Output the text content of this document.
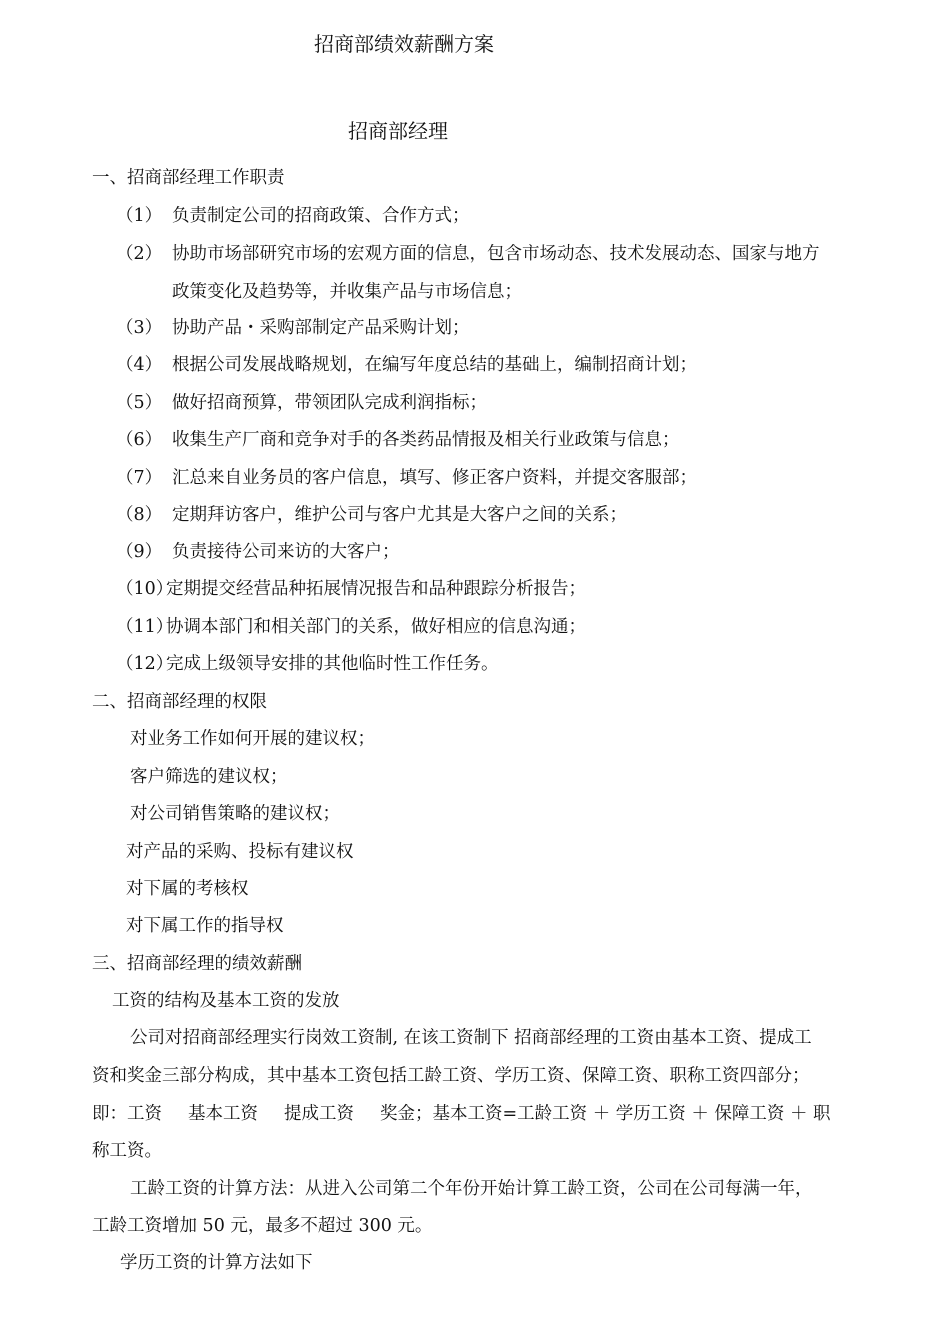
招商部绩效薪酬方案
招商部经理
一、招商部经理工作职责
（1） 负责制定公司的招商政策、合作方式；
（2） 协助市场部研究市场的宏观方面的信息，包含市场动态、技术发展动态、国家与地方
政策变化及趋势等，并收集产品与市场信息；
（3） 协助产品・采购部制定产品采购计划；
（4） 根据公司发展战略规划，在编写年度总结的基础上，编制招商计划；
（5） 做好招商预算，带领团队完成利润指标；
（6） 收集生产厂商和竞争对手的各类药品情报及相关行业政策与信息；
（7） 汇总来自业务员的客户信息，填写、修正客户资料，并提交客服部；
（8） 定期拜访客户，维护公司与客户尤其是大客户之间的关系；
（9） 负责接待公司来访的大客户；
（10）定期提交经营品种拓展情况报告和品种跟踪分析报告；
（11）协调本部门和相关部门的关系，做好相应的信息沟通；
（12）完成上级领导安排的其他临时性工作任务。
二、招商部经理的权限
对业务工作如何开展的建议权；
客户筛选的建议权；
对公司销售策略的建议权；
对产品的采购、投标有建议权
对下属的考核权
对下属工作的指导权
三、招商部经理的绩效薪酬
工资的结构及基本工资的发放
公司对招商部经理实行岗效工资制, 在该工资制下 招商部经理的工资由基本工资、提成工
资和奖金三部分构成，其中基本工资包括工龄工资、学历工资、保障工资、职称工资四部分；
即：工资 基本工资 提成工资 奖金；基本工资=工龄工资 ＋ 学历工资 ＋ 保障工资 ＋ 职
称工资。
工龄工资的计算方法：从进入公司第二个年份开始计算工龄工资，公司在公司每满一年，
工龄工资增加 50 元，最多不超过 300 元。
学历工资的计算方法如下
